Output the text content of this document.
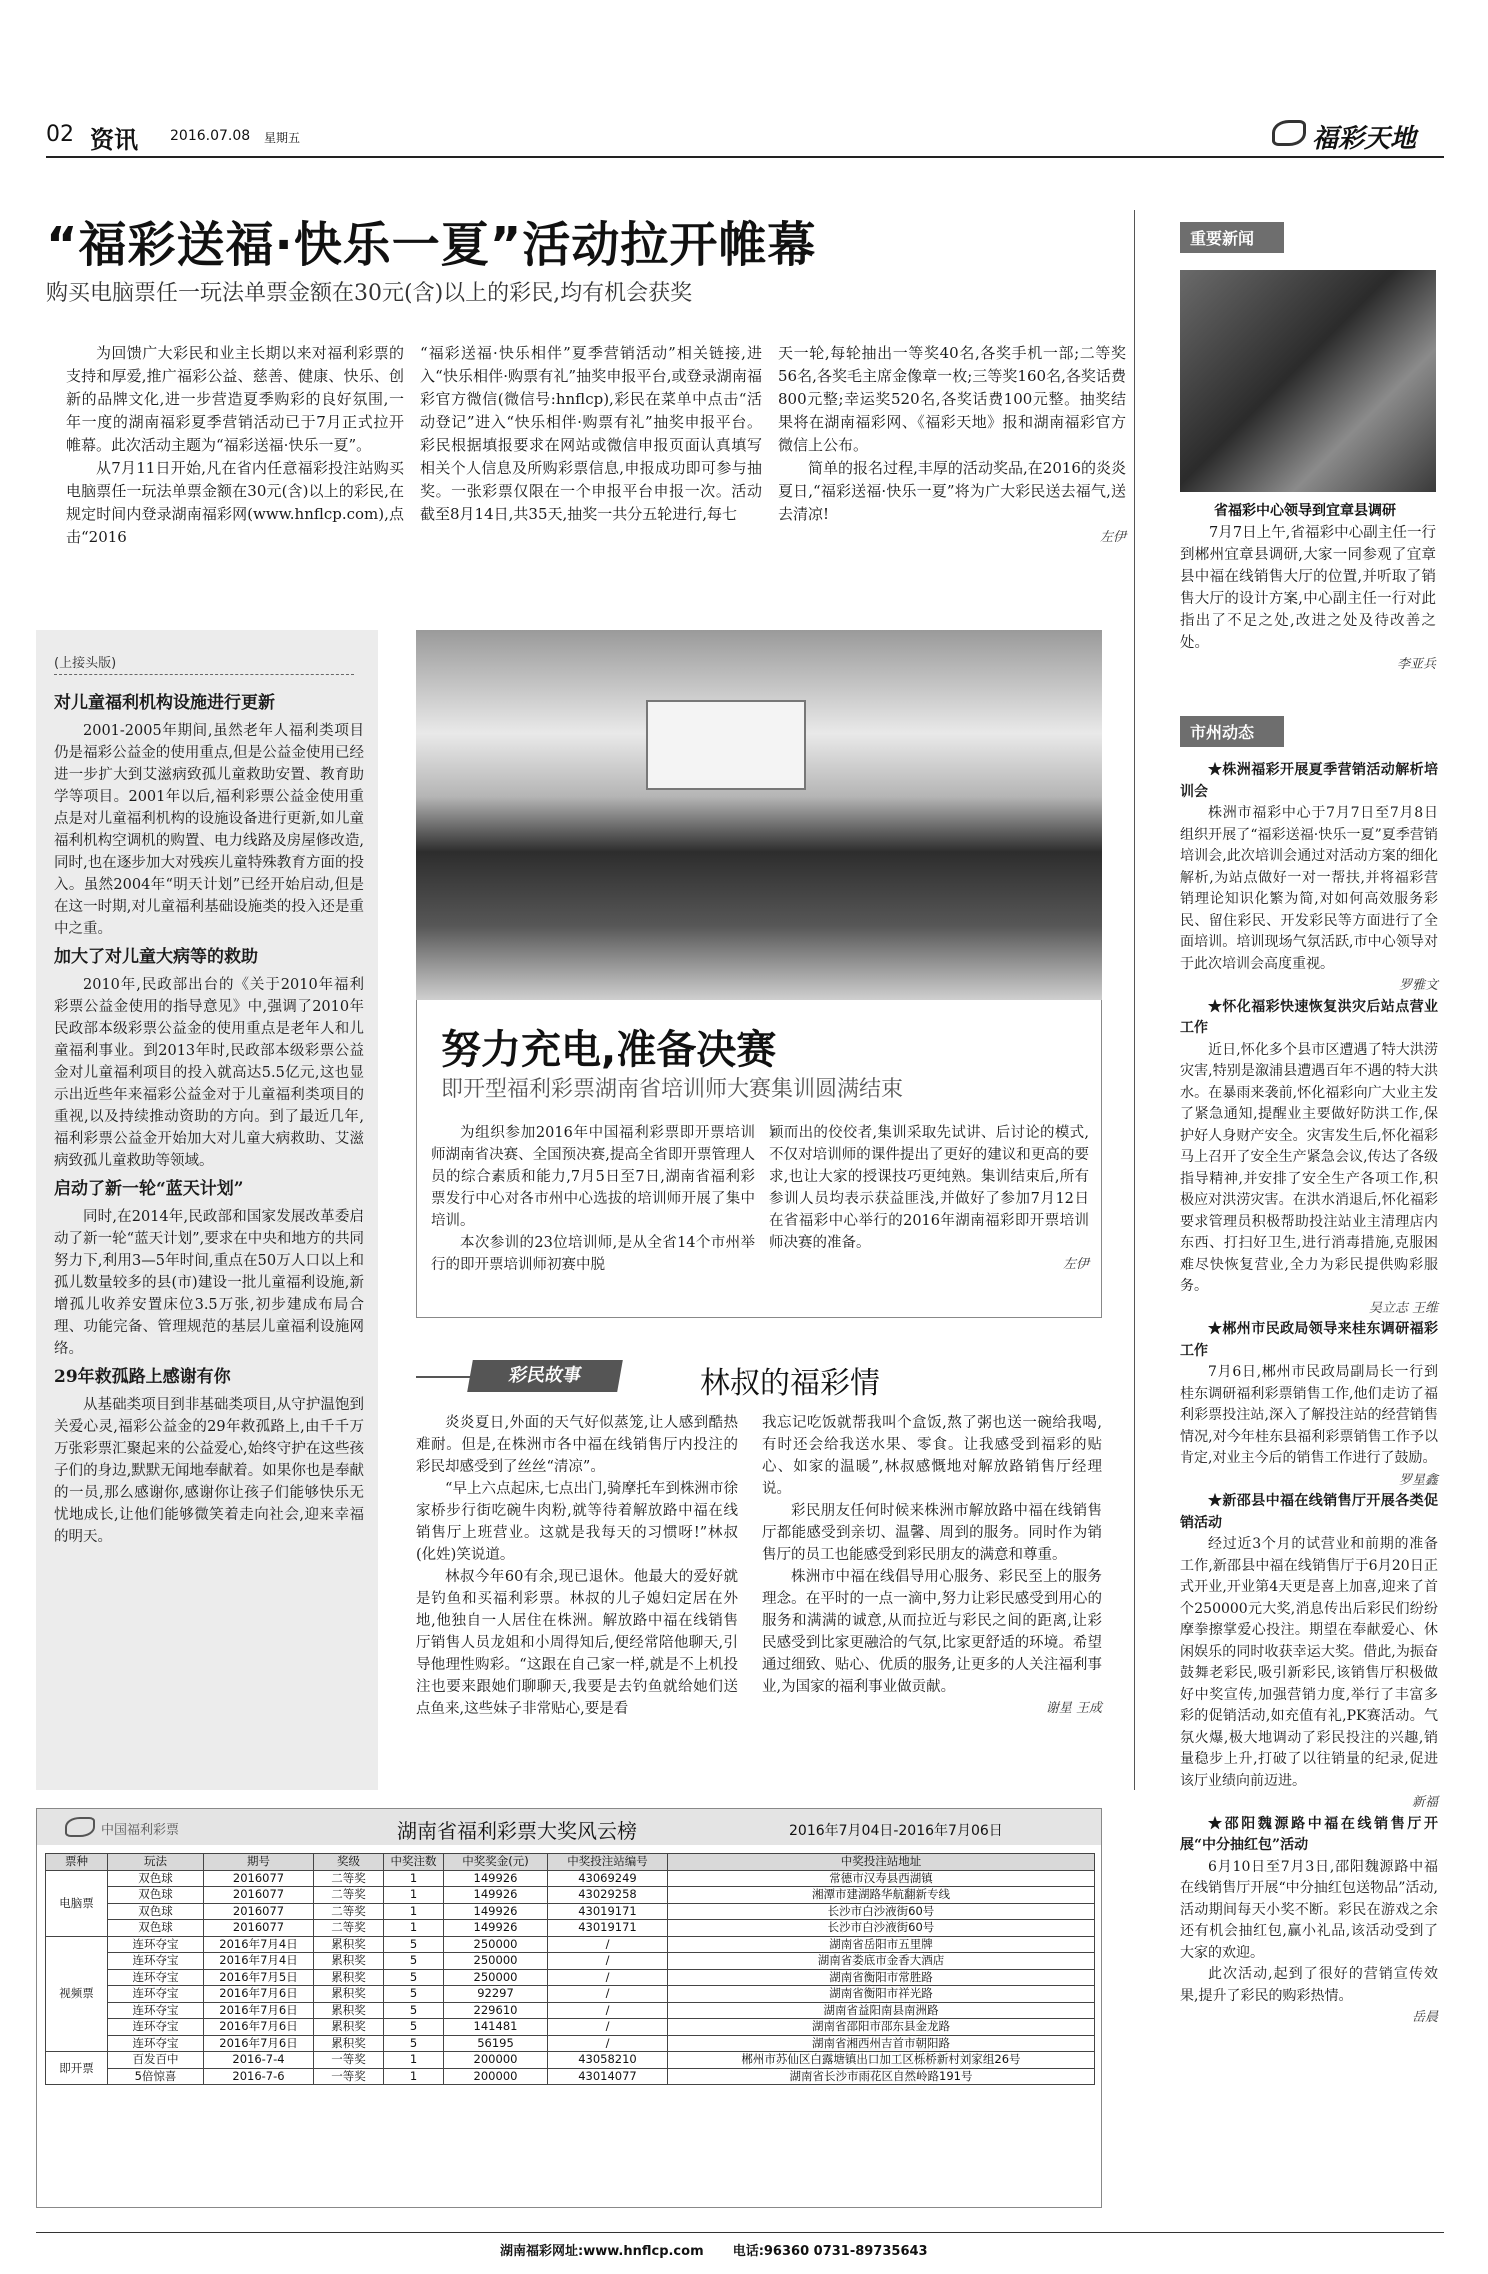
02 资讯 2016.07.08 星期五	福彩天地
“福彩送福·快乐一夏”活动拉开帷幕
购买电脑票任一玩法单票金额在30元(含)以上的彩民,均有机会获奖

为回馈广大彩民和业主长期以来对福利彩票的支持和厚爱,推广福彩公益、慈善、健康、快乐、创新的品牌文化,进一步营造夏季购彩的良好氛围,一年一度的湖南福彩夏季营销活动已于7月正式拉开帷幕。此次活动主题为“福彩送福·快乐一夏”。

从7月11日开始,凡在省内任意福彩投注站购买电脑票任一玩法单票金额在30元(含)以上的彩民,在规定时间内登录湖南福彩网(www.hnflcp.com),点击“2016

“福彩送福·快乐相伴”夏季营销活动”相关链接,进入“快乐相伴·购票有礼”抽奖申报平台,或登录湖南福彩官方微信(微信号:hnflcp),彩民在菜单中点击“活动登记”进入“快乐相伴·购票有礼”抽奖申报平台。彩民根据填报要求在网站或微信申报页面认真填写相关个人信息及所购彩票信息,申报成功即可参与抽奖。一张彩票仅限在一个申报平台申报一次。活动截至8月14日,共35天,抽奖一共分五轮进行,每七

天一轮,每轮抽出一等奖40名,各奖手机一部;二等奖56名,各奖毛主席金像章一枚;三等奖160名,各奖话费800元整;幸运奖520名,各奖话费100元整。抽奖结果将在湖南福彩网、《福彩天地》报和湖南福彩官方微信上公布。

简单的报名过程,丰厚的活动奖品,在2016的炎炎夏日,“福彩送福·快乐一夏”将为广大彩民送去福气,送去清凉!

左伊
重要新闻
省福彩中心领导到宜章县调研

7月7日上午,省福彩中心副主任一行到郴州宜章县调研,大家一同参观了宜章县中福在线销售大厅的位置,并听取了销售大厅的设计方案,中心副主任一行对此指出了不足之处,改进之处及待改善之处。

李亚兵
市州动态
★株洲福彩开展夏季营销活动解析培训会

株洲市福彩中心于7月7日至7月8日组织开展了“福彩送福·快乐一夏”夏季营销培训会,此次培训会通过对活动方案的细化解析,为站点做好一对一帮扶,并将福彩营销理论知识化繁为简,对如何高效服务彩民、留住彩民、开发彩民等方面进行了全面培训。培训现场气氛活跃,市中心领导对于此次培训会高度重视。

罗雅文
★怀化福彩快速恢复洪灾后站点营业工作

近日,怀化多个县市区遭遇了特大洪涝灾害,特别是溆浦县遭遇百年不遇的特大洪水。在暴雨来袭前,怀化福彩向广大业主发了紧急通知,提醒业主要做好防洪工作,保护好人身财产安全。灾害发生后,怀化福彩马上召开了安全生产紧急会议,传达了各级指导精神,并安排了安全生产各项工作,积极应对洪涝灾害。在洪水消退后,怀化福彩要求管理员积极帮助投注站业主清理店内东西、打扫好卫生,进行消毒措施,克服困难尽快恢复营业,全力为彩民提供购彩服务。

吴立志 王维
★郴州市民政局领导来桂东调研福彩工作

7月6日,郴州市民政局副局长一行到桂东调研福利彩票销售工作,他们走访了福利彩票投注站,深入了解投注站的经营销售情况,对今年桂东县福利彩票销售工作予以肯定,对业主今后的销售工作进行了鼓励。

罗星鑫
★新邵县中福在线销售厅开展各类促销活动

经过近3个月的试营业和前期的准备工作,新邵县中福在线销售厅于6月20日正式开业,开业第4天更是喜上加喜,迎来了首个250000元大奖,消息传出后彩民们纷纷摩拳擦掌爱心投注。期望在奉献爱心、休闲娱乐的同时收获幸运大奖。借此,为振奋鼓舞老彩民,吸引新彩民,该销售厅积极做好中奖宣传,加强营销力度,举行了丰富多彩的促销活动,如充值有礼,PK赛活动。气氛火爆,极大地调动了彩民投注的兴趣,销量稳步上升,打破了以往销量的纪录,促进该厅业绩向前迈进。

新福
★邵阳魏源路中福在线销售厅开展“中分抽红包”活动

6月10日至7月3日,邵阳魏源路中福在线销售厅开展“中分抽红包送物品”活动,活动期间每天小奖不断。彩民在游戏之余还有机会抽红包,赢小礼品,该活动受到了大家的欢迎。

此次活动,起到了很好的营销宣传效果,提升了彩民的购彩热情。

岳晨
(上接头版)
对儿童福利机构设施进行更新

2001-2005年期间,虽然老年人福利类项目仍是福彩公益金的使用重点,但是公益金使用已经进一步扩大到艾滋病致孤儿童救助安置、教育助学等项目。2001年以后,福利彩票公益金使用重点是对儿童福利机构的设施设备进行更新,如儿童福利机构空调机的购置、电力线路及房屋修改造,同时,也在逐步加大对残疾儿童特殊教育方面的投入。虽然2004年“明天计划”已经开始启动,但是在这一时期,对儿童福利基础设施类的投入还是重中之重。

加大了对儿童大病等的救助

2010年,民政部出台的《关于2010年福利彩票公益金使用的指导意见》中,强调了2010年民政部本级彩票公益金的使用重点是老年人和儿童福利事业。到2013年时,民政部本级彩票公益金对儿童福利项目的投入就高达5.5亿元,这也显示出近些年来福彩公益金对于儿童福利类项目的重视,以及持续推动资助的方向。到了最近几年,福利彩票公益金开始加大对儿童大病救助、艾滋病致孤儿童救助等领域。

启动了新一轮“蓝天计划”

同时,在2014年,民政部和国家发展改革委启动了新一轮“蓝天计划”,要求在中央和地方的共同努力下,利用3—5年时间,重点在50万人口以上和孤儿数量较多的县(市)建设一批儿童福利设施,新增孤儿收养安置床位3.5万张,初步建成布局合理、功能完备、管理规范的基层儿童福利设施网络。

29年救孤路上感谢有你

从基础类项目到非基础类项目,从守护温饱到关爱心灵,福彩公益金的29年救孤路上,由千千万万张彩票汇聚起来的公益爱心,始终守护在这些孩子们的身边,默默无闻地奉献着。如果你也是奉献的一员,那么感谢你,感谢你让孩子们能够快乐无忧地成长,让他们能够微笑着走向社会,迎来幸福的明天。

努力充电,准备决赛
即开型福利彩票湖南省培训师大赛集训圆满结束

为组织参加2016年中国福利彩票即开票培训师湖南省决赛、全国预决赛,提高全省即开票管理人员的综合素质和能力,7月5日至7日,湖南省福利彩票发行中心对各市州中心选拔的培训师开展了集中培训。

本次参训的23位培训师,是从全省14个市州举行的即开票培训师初赛中脱

颖而出的佼佼者,集训采取先试讲、后讨论的模式,不仅对培训师的课件提出了更好的建议和更高的要求,也让大家的授课技巧更纯熟。集训结束后,所有参训人员均表示获益匪浅,并做好了参加7月12日在省福彩中心举行的2016年湖南福彩即开票培训师决赛的准备。

左伊
彩民故事	林叔的福彩情

炎炎夏日,外面的天气好似蒸笼,让人感到酷热难耐。但是,在株洲市各中福在线销售厅内投注的彩民却感受到了丝丝“清凉”。

“早上六点起床,七点出门,骑摩托车到株洲市徐家桥步行街吃碗牛肉粉,就等待着解放路中福在线销售厅上班营业。这就是我每天的习惯呀!”林叔(化姓)笑说道。

林叔今年60有余,现已退休。他最大的爱好就是钓鱼和买福利彩票。林叔的儿子媳妇定居在外地,他独自一人居住在株洲。解放路中福在线销售厅销售人员龙姐和小周得知后,便经常陪他聊天,引导他理性购彩。“这跟在自己家一样,就是不上机投注也要来跟她们聊聊天,我要是去钓鱼就给她们送点鱼来,这些妹子非常贴心,要是看

我忘记吃饭就帮我叫个盒饭,熬了粥也送一碗给我喝,有时还会给我送水果、零食。让我感受到福彩的贴心、如家的温暖”,林叔感慨地对解放路销售厅经理说。

彩民朋友任何时候来株洲市解放路中福在线销售厅都能感受到亲切、温馨、周到的服务。同时作为销售厅的员工也能感受到彩民朋友的满意和尊重。

株洲市中福在线倡导用心服务、彩民至上的服务理念。在平时的一点一滴中,努力让彩民感受到用心的服务和满满的诚意,从而拉近与彩民之间的距离,让彩民感受到比家更融洽的气氛,比家更舒适的环境。希望通过细致、贴心、优质的服务,让更多的人关注福利事业,为国家的福利事业做贡献。

谢星 王成
中国福利彩票	湖南省福利彩票大奖风云榜	2016年7月04日-2016年7月06日
票种	玩法	期号	奖级	中奖注数	中奖奖金(元)	中奖投注站编号	中奖投注站地址
电脑票	双色球	2016077	二等奖	1	149926	43069249	常德市汉寿县西湖镇
	双色球	2016077	二等奖	1	149926	43029258	湘潭市建湖路华航翻新专线
	双色球	2016077	二等奖	1	149926	43019171	长沙市白沙液街60号
	双色球	2016077	二等奖	1	149926	43019171	长沙市白沙液街60号
视频票	连环夺宝	2016年7月4日	累积奖	5	250000	/	湖南省岳阳市五里牌
	连环夺宝	2016年7月4日	累积奖	5	250000	/	湖南省娄底市金香大酒店
	连环夺宝	2016年7月5日	累积奖	5	250000	/	湖南省衡阳市常胜路
	连环夺宝	2016年7月6日	累积奖	5	92297	/	湖南省衡阳市祥光路
	连环夺宝	2016年7月6日	累积奖	5	229610	/	湖南省益阳南县南洲路
	连环夺宝	2016年7月6日	累积奖	5	141481	/	湖南省邵阳市邵东县金龙路
	连环夺宝	2016年7月6日	累积奖	5	56195	/	湖南省湘西州吉首市朝阳路
即开票	百发百中	2016-7-4	一等奖	1	200000	43058210	郴州市苏仙区白露塘镇出口加工区栎桥新村刘家组26号
	5倍惊喜	2016-7-6	一等奖	1	200000	43014077	湖南省长沙市雨花区自然岭路191号
湖南福彩网址:www.hnflcp.com 电话:96360 0731-89735643
